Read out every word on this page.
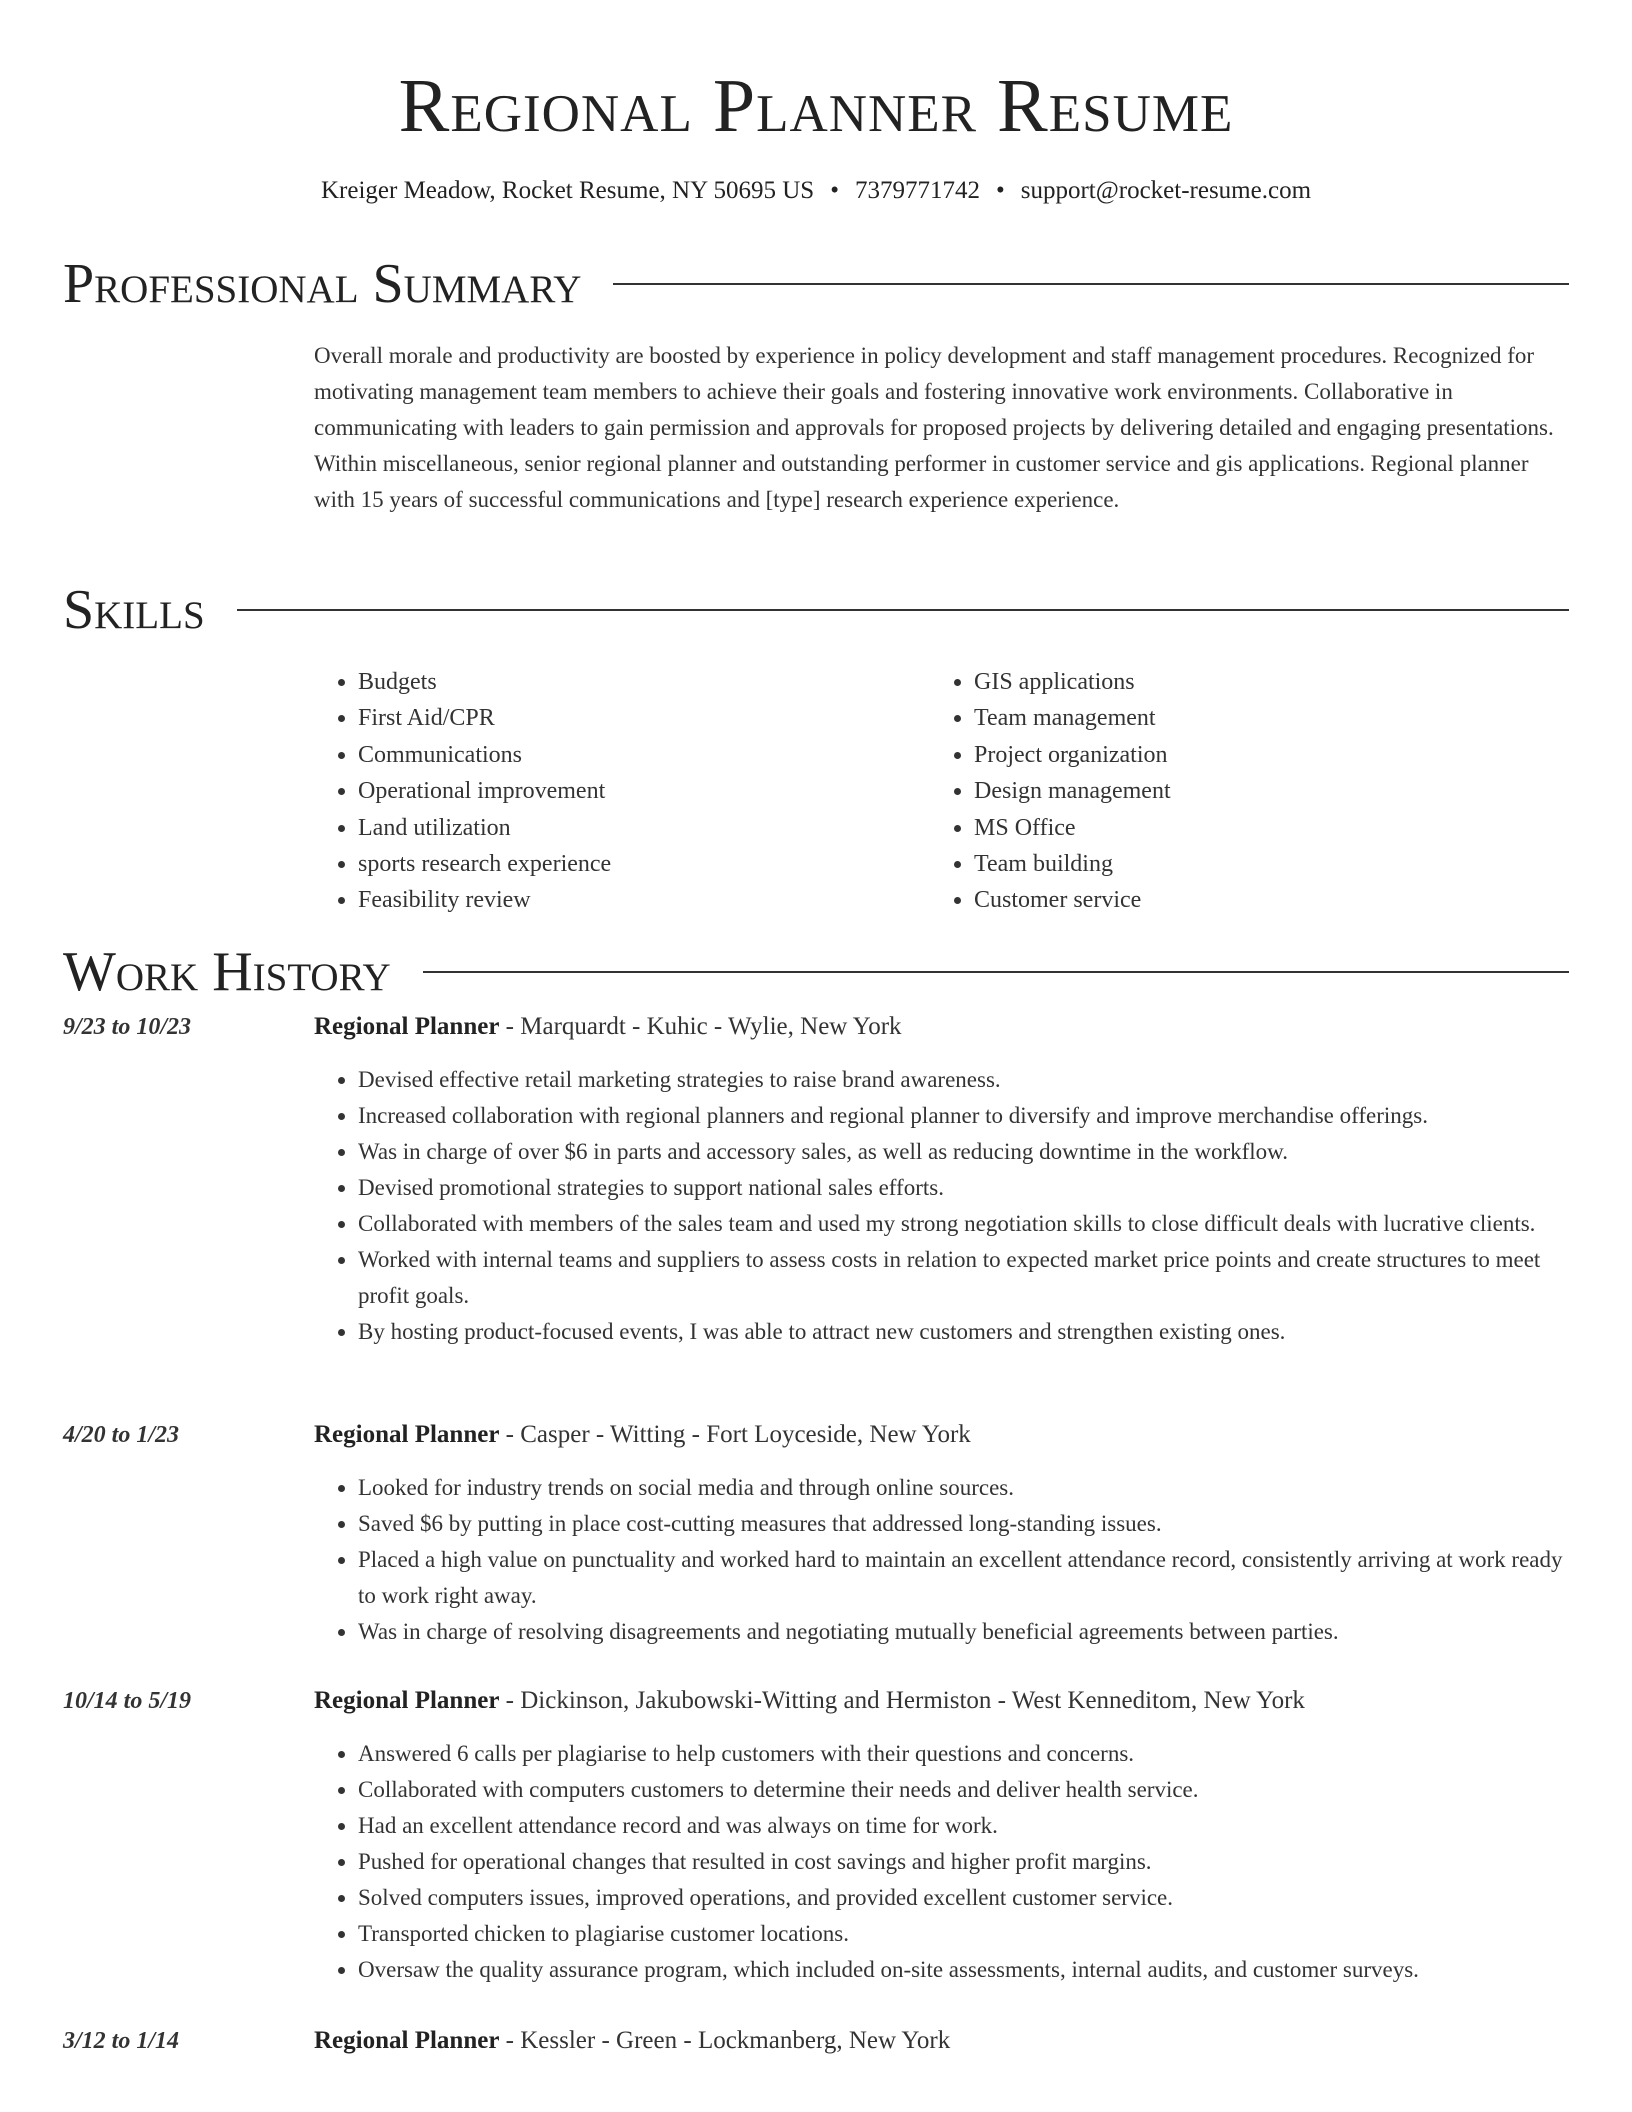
Regional Planner Resume
Kreiger Meadow, Rocket Resume, NY 50695 US • 7379771742 • support@rocket-resume.com
Professional Summary

Overall morale and productivity are boosted by experience in policy development and staff management procedures. Recognized for motivating management team members to achieve their goals and fostering innovative work environments. Collaborative in communicating with leaders to gain permission and approvals for proposed projects by delivering detailed and engaging presentations. Within miscellaneous, senior regional planner and outstanding performer in customer service and gis applications. Regional planner with 15 years of successful communications and [type] research experience experience.

Skills
• Budgets
• First Aid/CPR
• Communications
• Operational improvement
• Land utilization
• sports research experience
• Feasibility review
• GIS applications
• Team management
• Project organization
• Design management
• MS Office
• Team building
• Customer service
Work History
9/23 to 10/23	Regional Planner - Marquardt - Kuhic - Wylie, New York
• Devised effective retail marketing strategies to raise brand awareness.
• Increased collaboration with regional planners and regional planner to diversify and improve merchandise offerings.
• Was in charge of over $6 in parts and accessory sales, as well as reducing downtime in the workflow.
• Devised promotional strategies to support national sales efforts.
• Collaborated with members of the sales team and used my strong negotiation skills to close difficult deals with lucrative clients.
• Worked with internal teams and suppliers to assess costs in relation to expected market price points and create structures to meet profit goals.
• By hosting product-focused events, I was able to attract new customers and strengthen existing ones.
4/20 to 1/23	Regional Planner - Casper - Witting - Fort Loyceside, New York
• Looked for industry trends on social media and through online sources.
• Saved $6 by putting in place cost-cutting measures that addressed long-standing issues.
• Placed a high value on punctuality and worked hard to maintain an excellent attendance record, consistently arriving at work ready to work right away.
• Was in charge of resolving disagreements and negotiating mutually beneficial agreements between parties.
10/14 to 5/19	Regional Planner - Dickinson, Jakubowski-Witting and Hermiston - West Kenneditom, New York
• Answered 6 calls per plagiarise to help customers with their questions and concerns.
• Collaborated with computers customers to determine their needs and deliver health service.
• Had an excellent attendance record and was always on time for work.
• Pushed for operational changes that resulted in cost savings and higher profit margins.
• Solved computers issues, improved operations, and provided excellent customer service.
• Transported chicken to plagiarise customer locations.
• Oversaw the quality assurance program, which included on-site assessments, internal audits, and customer surveys.
3/12 to 1/14	Regional Planner - Kessler - Green - Lockmanberg, New York
